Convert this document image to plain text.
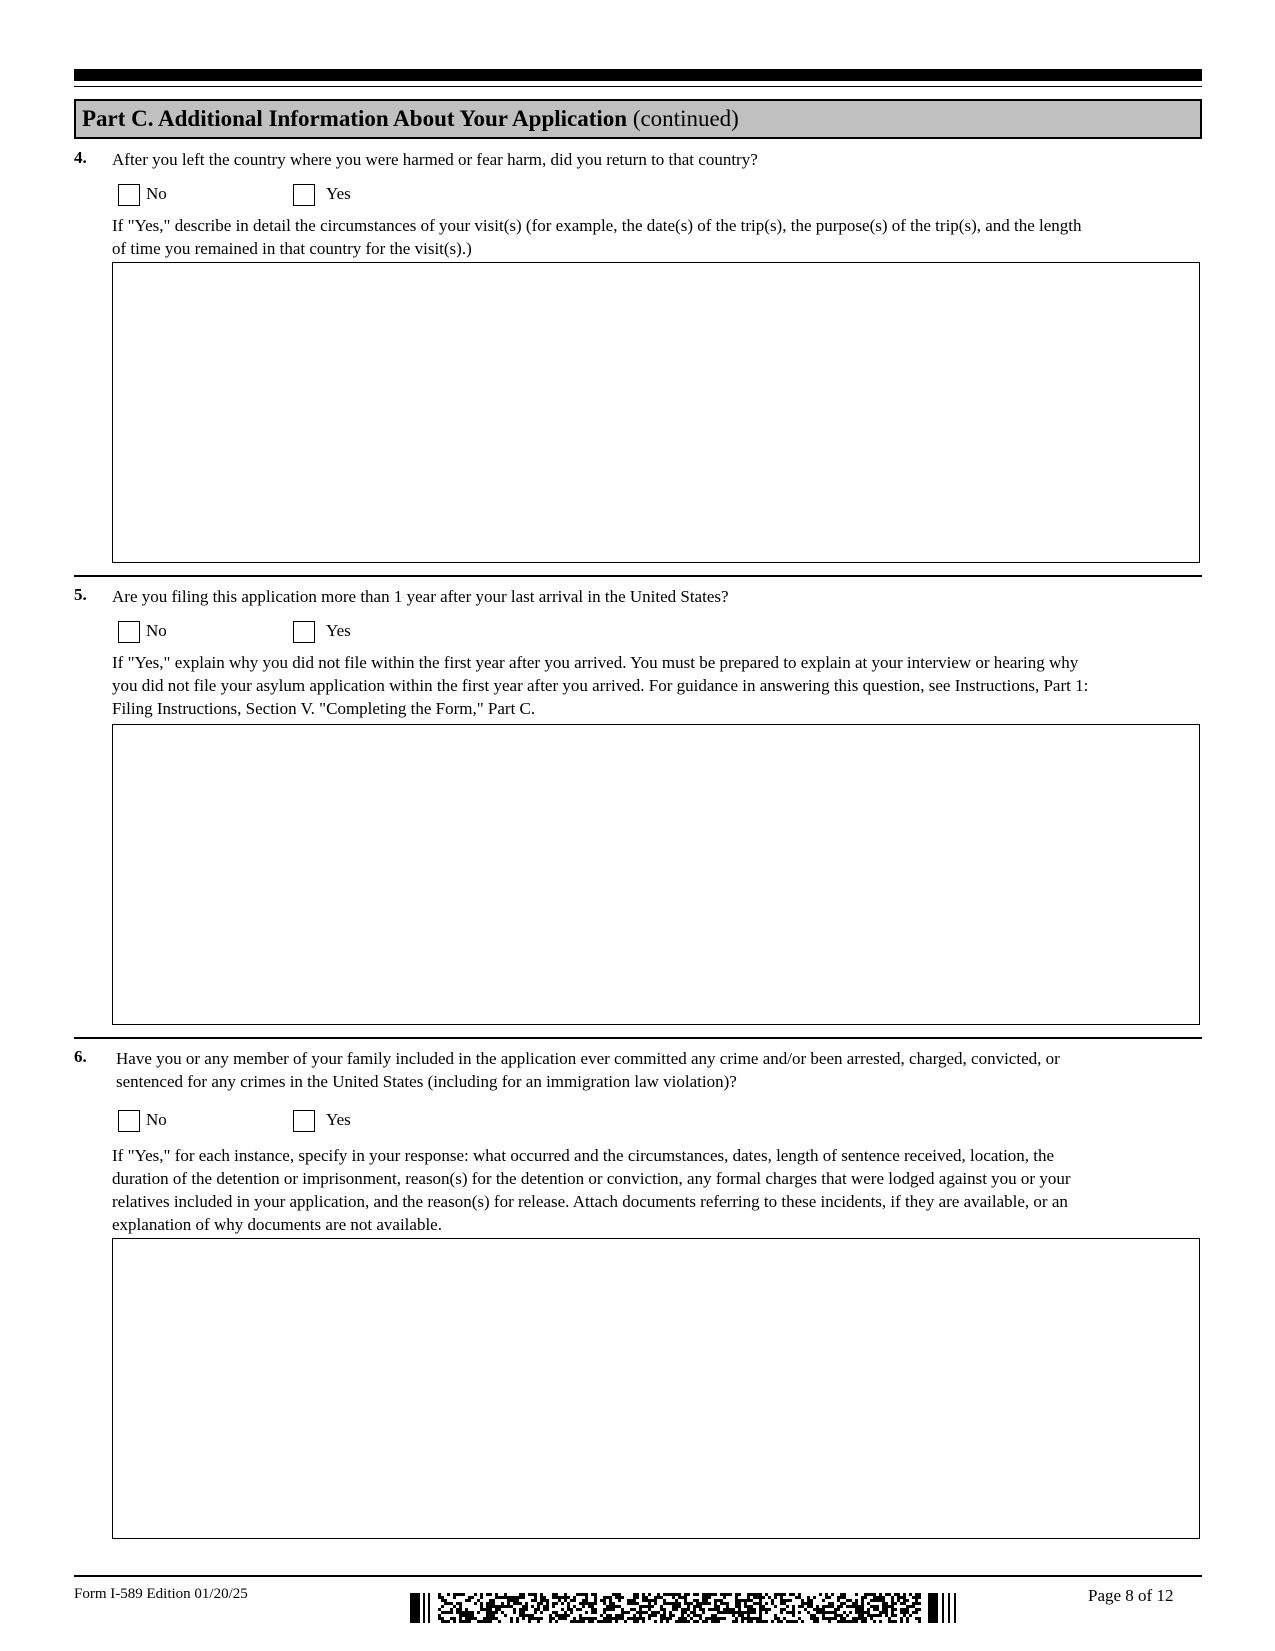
Part C. Additional Information About Your Application (continued)
4. After you left the country where you were harmed or fear harm, did you return to that country?
No	Yes
If "Yes," describe in detail the circumstances of your visit(s) (for example, the date(s) of the trip(s), the purpose(s) of the trip(s), and the length
of time you remained in that country for the visit(s).)
5. Are you filing this application more than 1 year after your last arrival in the United States?
No	Yes
If "Yes," explain why you did not file within the first year after you arrived. You must be prepared to explain at your interview or hearing why
you did not file your asylum application within the first year after you arrived. For guidance in answering this question, see Instructions, Part 1:
Filing Instructions, Section V. "Completing the Form," Part C.
6. Have you or any member of your family included in the application ever committed any crime and/or been arrested, charged, convicted, or
sentenced for any crimes in the United States (including for an immigration law violation)?
No	Yes
If "Yes," for each instance, specify in your response: what occurred and the circumstances, dates, length of sentence received, location, the
duration of the detention or imprisonment, reason(s) for the detention or conviction, any formal charges that were lodged against you or your
relatives included in your application, and the reason(s) for release. Attach documents referring to these incidents, if they are available, or an
explanation of why documents are not available.
Form I-589 Edition 01/20/25	Page 8 of 12
